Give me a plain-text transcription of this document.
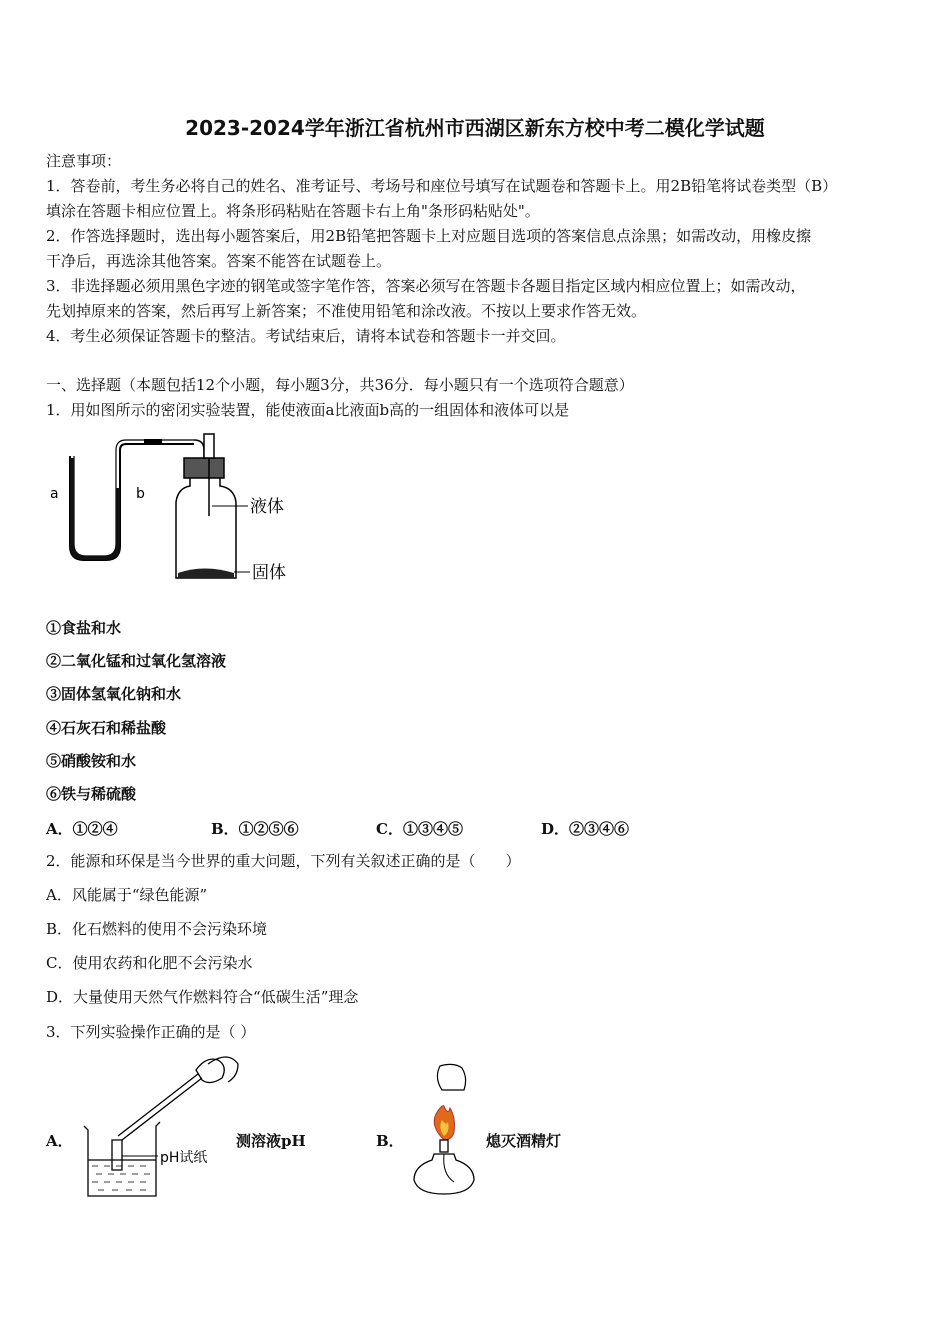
2023-2024学年浙江省杭州市西湖区新东方校中考二模化学试题
注意事项：
1．答卷前，考生务必将自己的姓名、准考证号、考场号和座位号填写在试题卷和答题卡上。用2B铅笔将试卷类型（B）
填涂在答题卡相应位置上。将条形码粘贴在答题卡右上角"条形码粘贴处"。
2．作答选择题时，选出每小题答案后，用2B铅笔把答题卡上对应题目选项的答案信息点涂黑；如需改动，用橡皮擦
干净后，再选涂其他答案。答案不能答在试题卷上。
3．非选择题必须用黑色字迹的钢笔或签字笔作答，答案必须写在答题卡各题目指定区域内相应位置上；如需改动，
先划掉原来的答案，然后再写上新答案；不准使用铅笔和涂改液。不按以上要求作答无效。
4．考生必须保证答题卡的整洁。考试结束后，请将本试卷和答题卡一并交回。
一、选择题（本题包括12个小题，每小题3分，共36分．每小题只有一个选项符合题意）
1．用如图所示的密闭实验装置，能使液面a比液面b高的一组固体和液体可以是
a	b
液体
固体
①食盐和水
②二氧化锰和过氧化氢溶液
③固体氢氧化钠和水
④石灰石和稀盐酸
⑤硝酸铵和水
⑥铁与稀硫酸
A．①②④	B．①②⑤⑥	C．①③④⑤	D．②③④⑥
2．能源和环保是当今世界的重大问题，下列有关叙述正确的是（　　）
A．风能属于“绿色能源”
B．化石燃料的使用不会污染环境
C．使用农药和化肥不会污染水
D．大量使用天然气作燃料符合“低碳生活”理念
3．下列实验操作正确的是（ ）
A．
pH试纸
测溶液pH	B．	熄灭酒精灯
